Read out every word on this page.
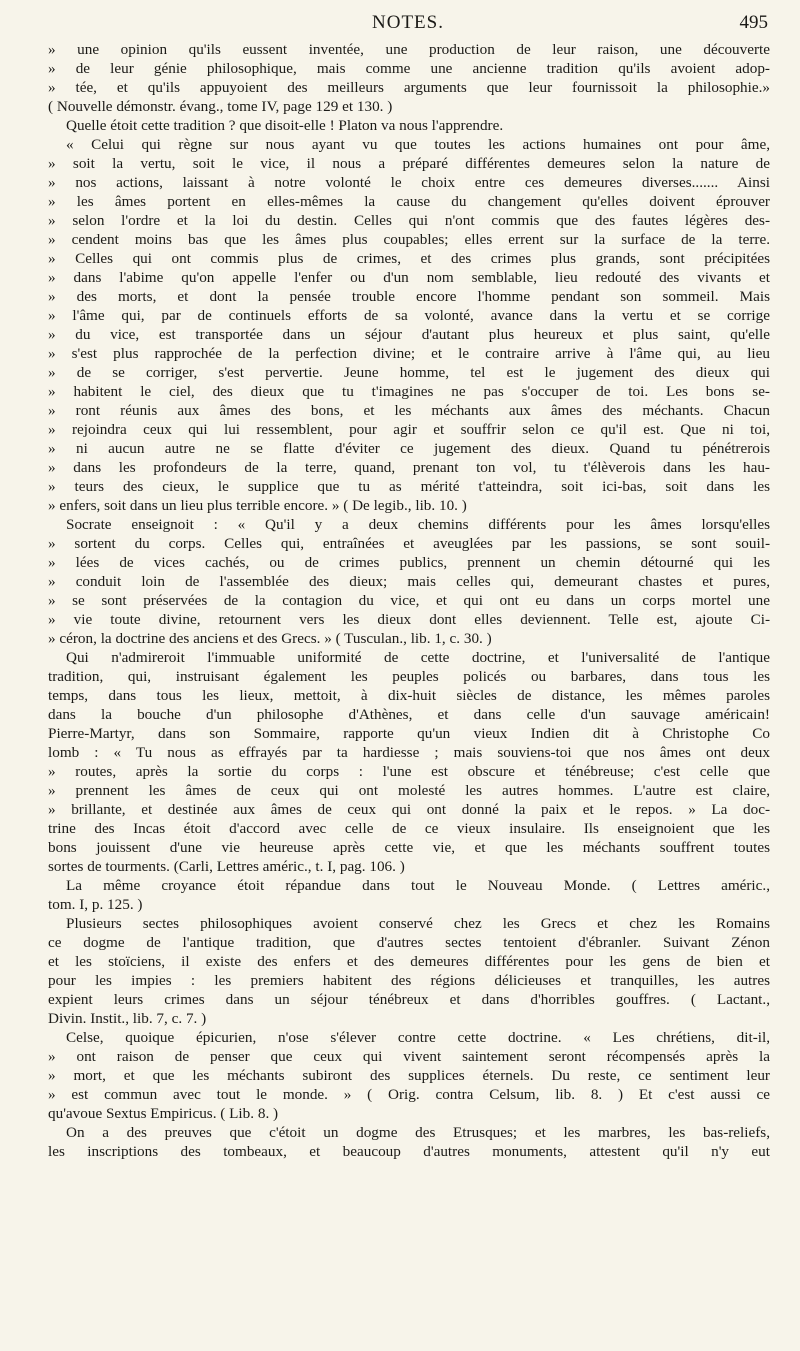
NOTES.	495
» une opinion qu'ils eussent inventée, une production de leur raison, une découverte
» de leur génie philosophique, mais comme une ancienne tradition qu'ils avoient adop-
» tée, et qu'ils appuyoient des meilleurs arguments que leur fournissoit la philosophie.»
( Nouvelle démonstr. évang., tome IV, page 129 et 130. )
Quelle étoit cette tradition ? que disoit-elle ! Platon va nous l'apprendre.
« Celui qui règne sur nous ayant vu que toutes les actions humaines ont pour âme,
» soit la vertu, soit le vice, il nous a préparé différentes demeures selon la nature de
» nos actions, laissant à notre volonté le choix entre ces demeures diverses....... Ainsi
» les âmes portent en elles-mêmes la cause du changement qu'elles doivent éprouver
» selon l'ordre et la loi du destin. Celles qui n'ont commis que des fautes légères des-
» cendent moins bas que les âmes plus coupables; elles errent sur la surface de la terre.
» Celles qui ont commis plus de crimes, et des crimes plus grands, sont précipitées
» dans l'abime qu'on appelle l'enfer ou d'un nom semblable, lieu redouté des vivants et
» des morts, et dont la pensée trouble encore l'homme pendant son sommeil. Mais
» l'âme qui, par de continuels efforts de sa volonté, avance dans la vertu et se corrige
» du vice, est transportée dans un séjour d'autant plus heureux et plus saint, qu'elle
» s'est plus rapprochée de la perfection divine; et le contraire arrive à l'âme qui, au lieu
» de se corriger, s'est pervertie. Jeune homme, tel est le jugement des dieux qui
» habitent le ciel, des dieux que tu t'imagines ne pas s'occuper de toi. Les bons se-
» ront réunis aux âmes des bons, et les méchants aux âmes des méchants. Chacun
» rejoindra ceux qui lui ressemblent, pour agir et souffrir selon ce qu'il est. Que ni toi,
» ni aucun autre ne se flatte d'éviter ce jugement des dieux. Quand tu pénétrerois
» dans les profondeurs de la terre, quand, prenant ton vol, tu t'élèverois dans les hau-
» teurs des cieux, le supplice que tu as mérité t'atteindra, soit ici-bas, soit dans les
» enfers, soit dans un lieu plus terrible encore. » ( De legib., lib. 10. )
Socrate enseignoit : « Qu'il y a deux chemins différents pour les âmes lorsqu'elles
» sortent du corps. Celles qui, entraînées et aveuglées par les passions, se sont souil-
» lées de vices cachés, ou de crimes publics, prennent un chemin détourné qui les
» conduit loin de l'assemblée des dieux; mais celles qui, demeurant chastes et pures,
» se sont préservées de la contagion du vice, et qui ont eu dans un corps mortel une
» vie toute divine, retournent vers les dieux dont elles deviennent. Telle est, ajoute Ci-
» céron, la doctrine des anciens et des Grecs. » ( Tusculan., lib. 1, c. 30. )
Qui n'admireroit l'immuable uniformité de cette doctrine, et l'universalité de l'antique
tradition, qui, instruisant également les peuples policés ou barbares, dans tous les
temps, dans tous les lieux, mettoit, à dix-huit siècles de distance, les mêmes paroles
dans la bouche d'un philosophe d'Athènes, et dans celle d'un sauvage américain!
Pierre-Martyr, dans son Sommaire, rapporte qu'un vieux Indien dit à Christophe Co
lomb : « Tu nous as effrayés par ta hardiesse ; mais souviens-toi que nos âmes ont deux
» routes, après la sortie du corps : l'une est obscure et ténébreuse; c'est celle que
» prennent les âmes de ceux qui ont molesté les autres hommes. L'autre est claire,
» brillante, et destinée aux âmes de ceux qui ont donné la paix et le repos. » La doc-
trine des Incas étoit d'accord avec celle de ce vieux insulaire. Ils enseignoient que les
bons jouissent d'une vie heureuse après cette vie, et que les méchants souffrent toutes
sortes de tourments. (Carli, Lettres améric., t. I, pag. 106. )
La même croyance étoit répandue dans tout le Nouveau Monde. ( Lettres améric.,
tom. I, p. 125. )
Plusieurs sectes philosophiques avoient conservé chez les Grecs et chez les Romains
ce dogme de l'antique tradition, que d'autres sectes tentoient d'ébranler. Suivant Zénon
et les stoïciens, il existe des enfers et des demeures différentes pour les gens de bien et
pour les impies : les premiers habitent des régions délicieuses et tranquilles, les autres
expient leurs crimes dans un séjour ténébreux et dans d'horribles gouffres. ( Lactant.,
Divin. Instit., lib. 7, c. 7. )
Celse, quoique épicurien, n'ose s'élever contre cette doctrine. « Les chrétiens, dit-il,
» ont raison de penser que ceux qui vivent saintement seront récompensés après la
» mort, et que les méchants subiront des supplices éternels. Du reste, ce sentiment leur
» est commun avec tout le monde. » ( Orig. contra Celsum, lib. 8. ) Et c'est aussi ce
qu'avoue Sextus Empiricus. ( Lib. 8. )
On a des preuves que c'étoit un dogme des Etrusques; et les marbres, les bas-reliefs,
les inscriptions des tombeaux, et beaucoup d'autres monuments, attestent qu'il n'y eut
